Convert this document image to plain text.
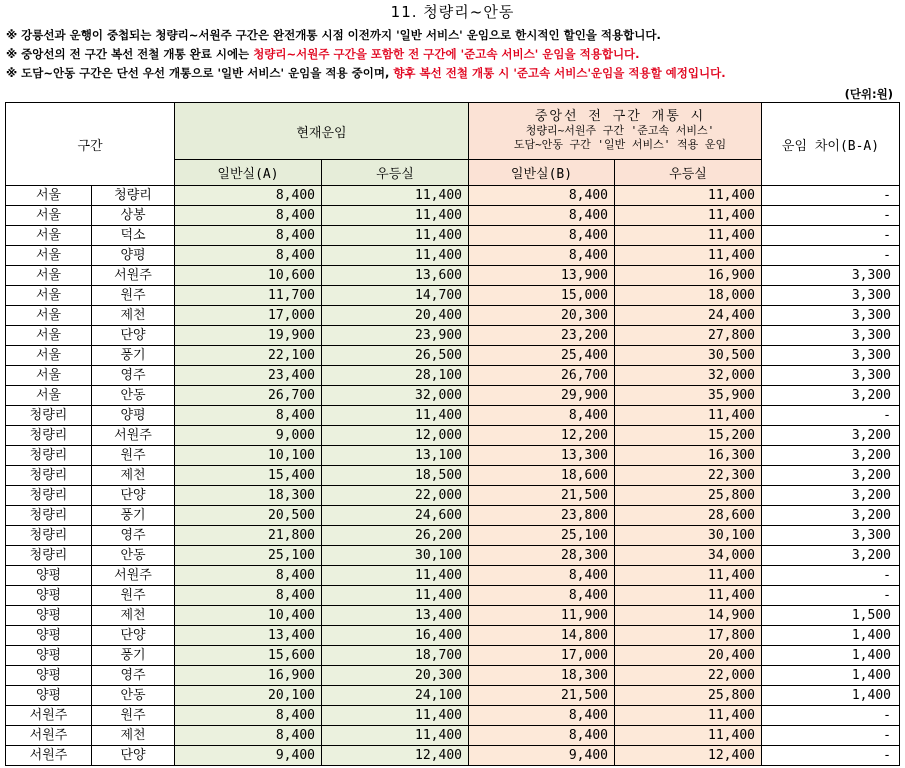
11. 청량리~안동
※ 강릉선과 운행이 중첩되는 청량리~서원주 구간은 완전개통 시점 이전까지 '일반 서비스' 운임으로 한시적인 할인을 적용합니다.
※ 중앙선의 전 구간 복선 전철 개통 완료 시에는 청량리~서원주 구간을 포함한 전 구간에 '준고속 서비스' 운임을 적용합니다.
※ 도담~안동 구간은 단선 우선 개통으로 '일반 서비스' 운임을 적용 중이며, 향후 복선 전철 개통 시 '준고속 서비스'운임을 적용할 예정입니다.
(단위:원)
구간		현재운임		중앙선 전 구간 개통 시
청량리~서원주 구간 '준고속 서비스'
도담~안동 구간 '일반 서비스' 적용 운임		운임 차이(B-A)
		일반실(A)	우등실	일반실(B)	우등실	
서울	청량리	8,400	11,400	8,400	11,400	-
서울	상봉	8,400	11,400	8,400	11,400	-
서울	덕소	8,400	11,400	8,400	11,400	-
서울	양평	8,400	11,400	8,400	11,400	-
서울	서원주	10,600	13,600	13,900	16,900	3,300
서울	원주	11,700	14,700	15,000	18,000	3,300
서울	제천	17,000	20,400	20,300	24,400	3,300
서울	단양	19,900	23,900	23,200	27,800	3,300
서울	풍기	22,100	26,500	25,400	30,500	3,300
서울	영주	23,400	28,100	26,700	32,000	3,300
서울	안동	26,700	32,000	29,900	35,900	3,200
청량리	양평	8,400	11,400	8,400	11,400	-
청량리	서원주	9,000	12,000	12,200	15,200	3,200
청량리	원주	10,100	13,100	13,300	16,300	3,200
청량리	제천	15,400	18,500	18,600	22,300	3,200
청량리	단양	18,300	22,000	21,500	25,800	3,200
청량리	풍기	20,500	24,600	23,800	28,600	3,200
청량리	영주	21,800	26,200	25,100	30,100	3,300
청량리	안동	25,100	30,100	28,300	34,000	3,200
양평	서원주	8,400	11,400	8,400	11,400	-
양평	원주	8,400	11,400	8,400	11,400	-
양평	제천	10,400	13,400	11,900	14,900	1,500
양평	단양	13,400	16,400	14,800	17,800	1,400
양평	풍기	15,600	18,700	17,000	20,400	1,400
양평	영주	16,900	20,300	18,300	22,000	1,400
양평	안동	20,100	24,100	21,500	25,800	1,400
서원주	원주	8,400	11,400	8,400	11,400	-
서원주	제천	8,400	11,400	8,400	11,400	-
서원주	단양	9,400	12,400	9,400	12,400	-
